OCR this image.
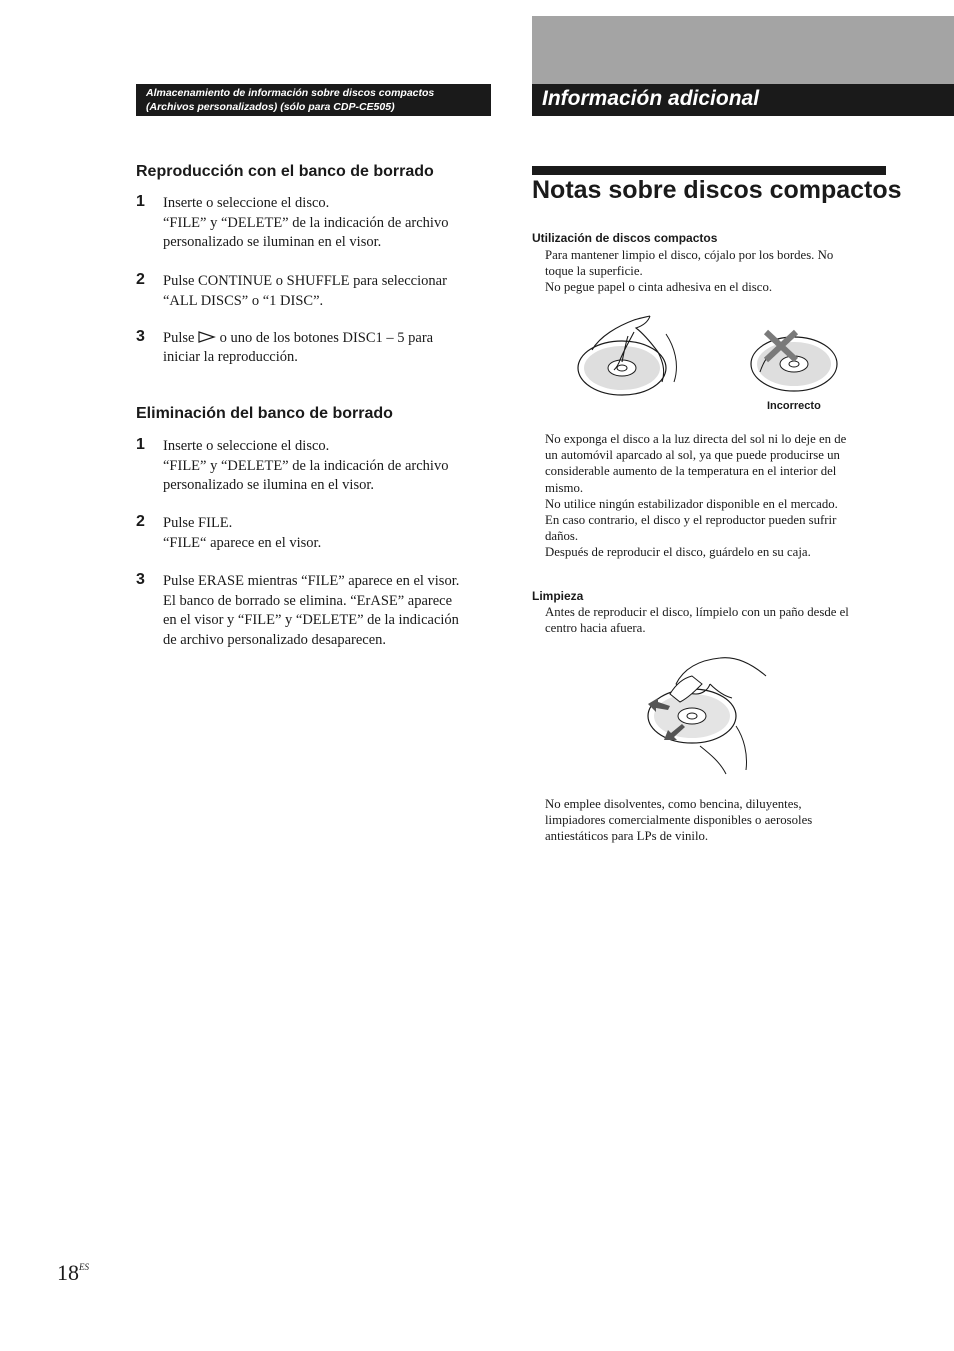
Almacenamiento de información sobre discos compactos
(Archivos personalizados) (sólo para CDP-CE505)	Información adicional
Reproducción con el banco de borrado
1 Inserte o seleccione el disco.
“FILE” y “DELETE” de la indicación de archivo
personalizado se iluminan en el visor.
2 Pulse CONTINUE o SHUFFLE para seleccionar
“ALL DISCS” o “1 DISC”.
3 Pulse o uno de los botones DISC1 – 5 para
iniciar la reproducción.
Eliminación del banco de borrado
1 Inserte o seleccione el disco.
“FILE” y “DELETE” de la indicación de archivo
personalizado se ilumina en el visor.
2 Pulse FILE.
“FILE“ aparece en el visor.
3 Pulse ERASE mientras “FILE” aparece en el visor.
El banco de borrado se elimina. “ErASE” aparece
en el visor y “FILE” y “DELETE” de la indicación
de archivo personalizado desaparecen.
Notas sobre discos compactos
Utilización de discos compactos
Para mantener limpio el disco, cójalo por los bordes. No
toque la superficie.
No pegue papel o cinta adhesiva en el disco.
Incorrecto
No exponga el disco a la luz directa del sol ni lo deje en de
un automóvil aparcado al sol, ya que puede producirse un
considerable aumento de la temperatura en el interior del
mismo.
No utilice ningún estabilizador disponible en el mercado.
En caso contrario, el disco y el reproductor pueden sufrir
daños.
Después de reproducir el disco, guárdelo en su caja.
Limpieza
Antes de reproducir el disco, límpielo con un paño desde el
centro hacia afuera.
No emplee disolventes, como bencina, diluyentes,
limpiadores comercialmente disponibles o aerosoles
antiestáticos para LPs de vinilo.
$18^{ES}$
